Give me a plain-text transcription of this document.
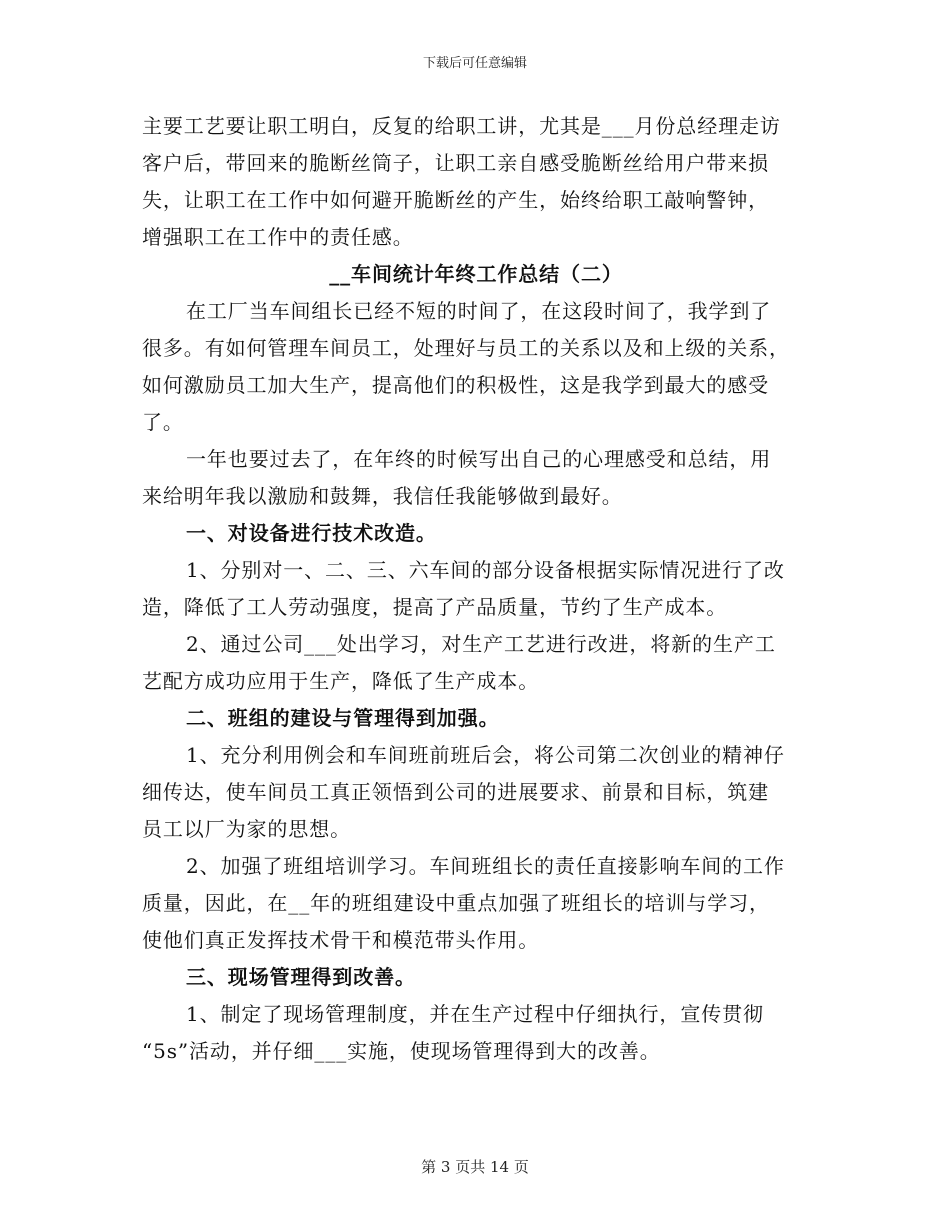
下载后可任意编辑
主要工艺要让职工明白，反复的给职工讲，尤其是___月份总经理走访
客户后，带回来的脆断丝筒子，让职工亲自感受脆断丝给用户带来损
失，让职工在工作中如何避开脆断丝的产生，始终给职工敲响警钟，
增强职工在工作中的责任感。
__车间统计年终工作总结（二）
在工厂当车间组长已经不短的时间了，在这段时间了，我学到了
很多。有如何管理车间员工，处理好与员工的关系以及和上级的关系，
如何激励员工加大生产，提高他们的积极性，这是我学到最大的感受
了。
一年也要过去了，在年终的时候写出自己的心理感受和总结，用
来给明年我以激励和鼓舞，我信任我能够做到最好。
一、对设备进行技术改造。
1、分别对一、二、三、六车间的部分设备根据实际情况进行了改
造，降低了工人劳动强度，提高了产品质量，节约了生产成本。
2、通过公司___处出学习，对生产工艺进行改进，将新的生产工
艺配方成功应用于生产，降低了生产成本。
二、班组的建设与管理得到加强。
1、充分利用例会和车间班前班后会，将公司第二次创业的精神仔
细传达，使车间员工真正领悟到公司的进展要求、前景和目标，筑建
员工以厂为家的思想。
2、加强了班组培训学习。车间班组长的责任直接影响车间的工作
质量，因此，在__年的班组建设中重点加强了班组长的培训与学习，
使他们真正发挥技术骨干和模范带头作用。
三、现场管理得到改善。
1、制定了现场管理制度，并在生产过程中仔细执行，宣传贯彻
“5s”活动，并仔细___实施，使现场管理得到大的改善。
第 3 页共 14 页
